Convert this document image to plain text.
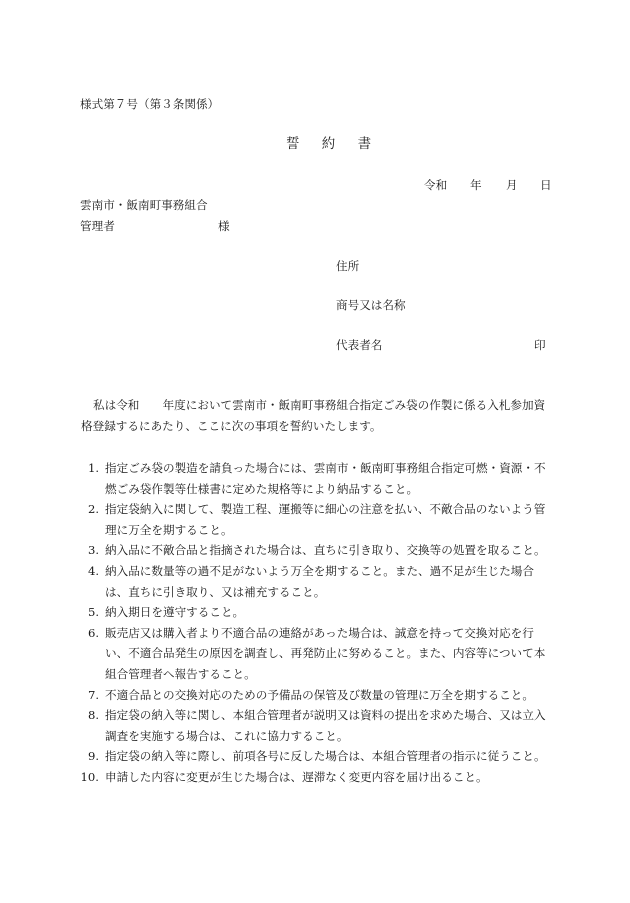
様式第７号（第３条関係）
誓 約 書
令和 年 月 日
雲南市・飯南町事務組合
管理者	様
住所
商号又は名称
代表者名	印
私は令和　　年度において雲南市・飯南町事務組合指定ごみ袋の作製に係る入札参加資格登録するにあたり、ここに次の事項を誓約いたします。
1. 指定ごみ袋の製造を請負った場合には、雲南市・飯南町事務組合指定可燃・資源・不燃ごみ袋作製等仕様書に定めた規格等により納品すること。
2. 指定袋納入に関して、製造工程、運搬等に細心の注意を払い、不敵合品のないよう管理に万全を期すること。
3. 納入品に不敵合品と指摘された場合は、直ちに引き取り、交換等の処置を取ること。
4. 納入品に数量等の過不足がないよう万全を期すること。また、過不足が生じた場合は、直ちに引き取り、又は補充すること。
5. 納入期日を遵守すること。
6. 販売店又は購入者より不適合品の連絡があった場合は、誠意を持って交換対応を行い、不適合品発生の原因を調査し、再発防止に努めること。また、内容等について本組合管理者へ報告すること。
7. 不適合品との交換対応のための予備品の保管及び数量の管理に万全を期すること。
8. 指定袋の納入等に関し、本組合管理者が説明又は資料の提出を求めた場合、又は立入調査を実施する場合は、これに協力すること。
9. 指定袋の納入等に際し、前項各号に反した場合は、本組合管理者の指示に従うこと。
10. 申請した内容に変更が生じた場合は、遅滞なく変更内容を届け出ること。
